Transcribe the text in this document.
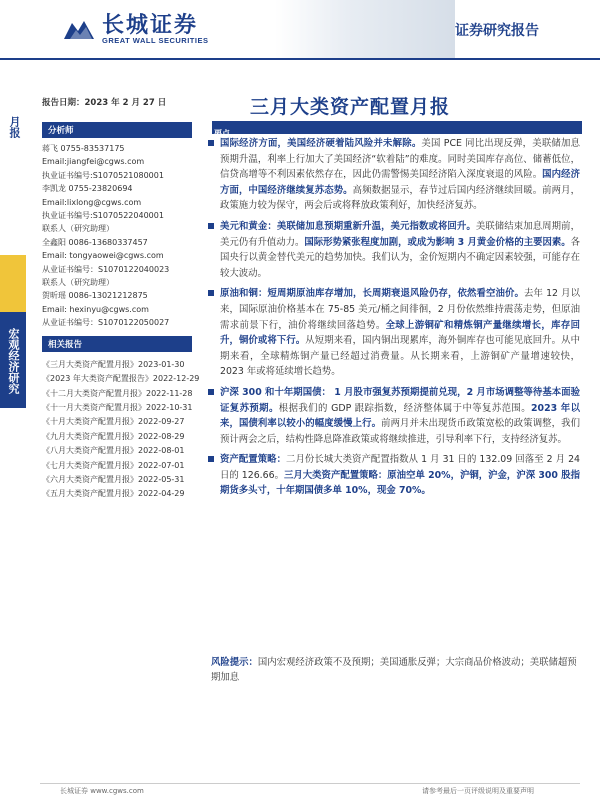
长城证券
GREAT WALL SECURITIES
证券研究报告
月报
宏观经济研究
报告日期：2023 年 2 月 27 日
分析师
蒋飞 0755-83537175
Email:jiangfei@cgws.com
执业证书编号:S1070521080001
李凯龙 0755-23820694
Email:lixlong@cgws.com
执业证书编号:S1070522040001
联系人（研究助理）
全鑫阳 0086-13680337457
Email: tongyaowei@cgws.com
从业证书编号：S1070122040023
联系人（研究助理）
贺昕瑶 0086-13021212875
Email: hexinyu@cgws.com
从业证书编号：S1070122050027
相关报告
《三月大类资产配置月报》2023-01-30
《2023 年大类资产配置报告》2022-12-29
《十二月大类资产配置月报》2022-11-28
《十一月大类资产配置月报》2022-10-31
《十月大类资产配置月报》2022-09-27
《九月大类资产配置月报》2022-08-29
《八月大类资产配置月报》2022-08-01
《七月大类资产配置月报》2022-07-01
《六月大类资产配置月报》2022-05-31
《五月大类资产配置月报》2022-04-29
三月大类资产配置月报
要点
国际经济方面，美国经济硬着陆风险并未解除。美国 PCE 同比出现反弹，美联储加息预期升温，利率上行加大了美国经济“软着陆”的难度。同时美国库存高位、储蓄低位，信贷高增等不利因素依然存在，因此仍需警惕美国经济陷入深度衰退的风险。国内经济方面，中国经济继续复苏态势。高频数据显示，春节过后国内经济继续回暖。前两月，政策施力较为保守，两会后或将释放政策利好，加快经济复苏。
美元和黄金：美联储加息预期重新升温，美元指数或将回升。美联储结束加息周期前，美元仍有升值动力。国际形势紧张程度加剧，或成为影响 3 月黄金价格的主要因素。各国央行以黄金替代美元的趋势加快。我们认为，金价短期内不确定因素较强，可能存在较大波动。
原油和铜：短周期原油库存增加，长周期衰退风险仍存，依然看空油价。去年 12 月以来，国际原油价格基本在 75-85 美元/桶之间徘徊，2 月份依然维持震荡走势，但原油需求前景下行，油价将继续回落趋势。全球上游铜矿和精炼铜产量继续增长，库存回升，铜价或将下行。从短期来看，国内铜出现累库，海外铜库存也可能见底回升。从中期来看，全球精炼铜产量已经超过消费量。从长期来看，上游铜矿产量增速较快，2023 年或将延续增长趋势。
沪深 300 和十年期国债： 1 月股市强复苏预期提前兑现，2 月市场调整等待基本面验证复苏预期。根据我们的 GDP 跟踪指数，经济整体属于中等复苏范围。2023 年以来，国债利率以较小的幅度缓慢上行。前两月并未出现货币政策宽松的政策调整，我们预计两会之后，结构性降息降准政策或将继续推进，引导利率下行，支持经济复苏。
资产配置策略：二月份长城大类资产配置指数从 1 月 31 日的 132.09 回落至 2 月 24 日的 126.66。三月大类资产配置策略：原油空单 20%，沪铜，沪金，沪深 300 股指期货多头寸，十年期国债多单 10%，现金 70%。
风险提示：国内宏观经济政策不及预期；美国通胀反弹；大宗商品价格波动；美联储超预期加息
长城证券 www.cgws.com	请参考最后一页评级说明及重要声明
